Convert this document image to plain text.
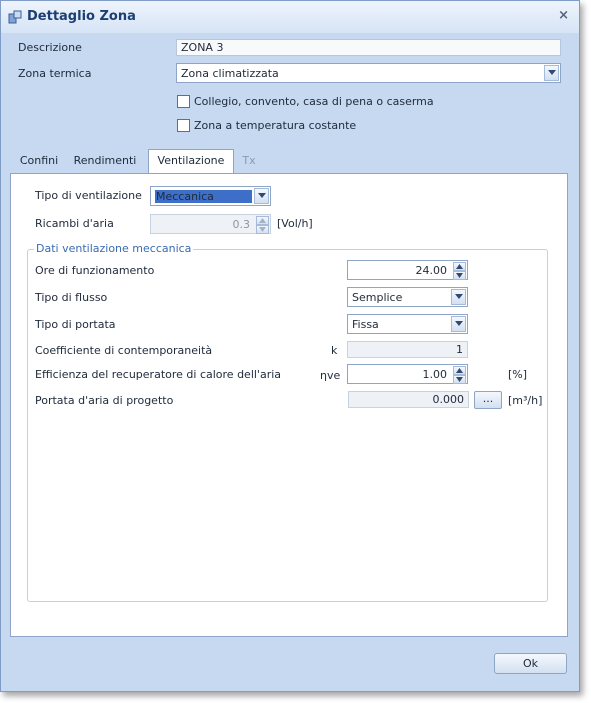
Dettaglio Zona	×
Descrizione	ZONA 3
Zona termica	Zona climatizzata
Collegio, convento, casa di pena o caserma
Zona a temperatura costante
Confini	Rendimenti	Ventilazione	Tx
Tipo di ventilazione Meccanica
Ricambi d'aria	0.3 [Vol/h]
Dati ventilazione meccanica
Ore di funzionamento	24.00
Tipo di flusso	Semplice
Tipo di portata	Fissa
Coefficiente di contemporaneità	k	1
Efficienza del recuperatore di calore dell'aria	ηve	1.00	[%]
Portata d'aria di progetto	0.000	...	[m³/h]
Ok
